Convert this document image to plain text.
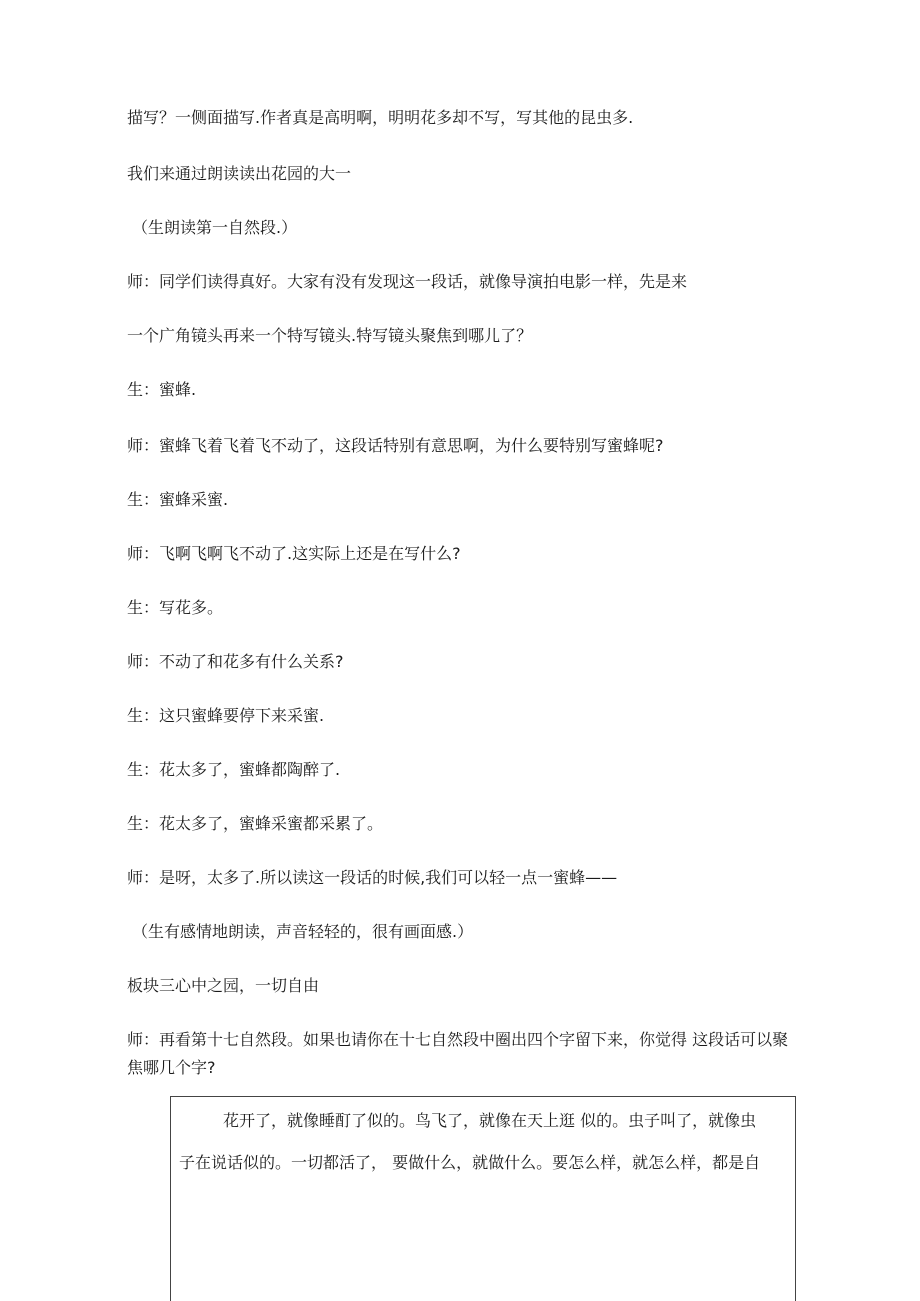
描写？一侧面描写.作者真是高明啊，明明花多却不写，写其他的昆虫多.

我们来通过朗读读出花园的大一

（生朗读第一自然段.）

师：同学们读得真好。大家有没有发现这一段话，就像导演拍电影一样，先是来

一个广角镜头再来一个特写镜头.特写镜头聚焦到哪儿了？

生：蜜蜂.

师：蜜蜂飞着飞着飞不动了，这段话特别有意思啊，为什么要特别写蜜蜂呢?

生：蜜蜂采蜜.

师：飞啊飞啊飞不动了.这实际上还是在写什么?

生：写花多。

师：不动了和花多有什么关系?

生：这只蜜蜂要停下来采蜜.

生：花太多了，蜜蜂都陶醉了.

生：花太多了，蜜蜂采蜜都采累了。

师：是呀，太多了.所以读这一段话的时候,我们可以轻一点一蜜蜂——

（生有感情地朗读，声音轻轻的，很有画面感.）

板块三心中之园，一切自由

师：再看第十七自然段。如果也请你在十七自然段中圈出四个字留下来，你觉得 这段话可以聚焦哪几个字?

花开了，就像睡酊了似的。鸟飞了，就像在天上逛 似的。虫子叫了，就像虫
子在说话似的。一切都活了， 要做什么，就做什么。要怎么样，就怎么样，都是自
